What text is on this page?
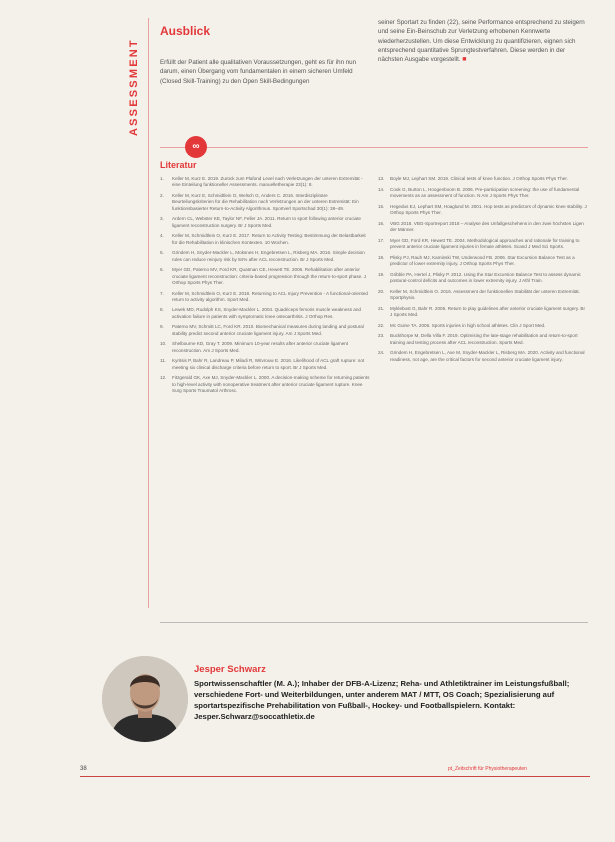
ASSESSMENT
Ausblick

Erfüllt der Patient alle qualitativen Voraussetzungen, geht es für ihn nun darum, einen Übergang vom fundamentalen in einem sicheren Umfeld (Closed Skill-Training) zu den Open Skill-Bedingungen

seiner Sportart zu finden (22), seine Performance entsprechend zu steigern und seine Ein-Beinschub zur Verletzung erhobenen Kennwerte wiederherzustellen. Um diese Entwicklung zu quantifizieren, eignen sich entsprechend quantitative Sprungtestverfahren. Diese werden in der nächsten Ausgabe vorgestellt. ■

∞
Literatur
1.	Keller M, Kurz E. 2019. Zurück zum Plafond Level nach Verletzungen der unteren Extremität - eine Einteilung funktioneller Assessments. manuelletherapie 23(1): 8.
2.	Keller M, Kurz E, Schmidtlein O, Welsch G, Anders C. 2016. Interdisziplinäre Beurteilungskriterien für die Rehabilitation nach Verletzungen an der unteren Extremität: Ein funktionsbasierter Return-to-Activity Algorithmus. Sportverl Sportschad 30(1): 38–49.
3.	Ardern CL, Webster KE, Taylor NF, Feller JA. 2011. Return to sport following anterior cruciate ligament reconstruction surgery. Br J Sports Med.
4.	Keller M, Schmidtlein O, Kurz E. 2017. Return to Activity Testing: Bestimmung der Belastbarkeit für die Rehabilitation in klinischen Kontexten. 10 Wochen.
5.	Grindem H, Snyder-Mackler L, Moksnes H, Engebretsen L, Risberg MA. 2016. Simple decision rules can reduce reinjury risk by 84% after ACL reconstruction. Br J Sports Med.
6.	Myer GD, Paterno MV, Ford KR, Quatman CE, Hewett TE. 2006. Rehabilitation after anterior cruciate ligament reconstruction: criteria-based progression through the return-to-sport phase. J Orthop Sports Phys Ther.
7.	Keller M, Schmidtlein O, Kurz E. 2018. Returning to ACL Injury Prevention - A functional-oriented return to activity algorithm. Sport Med.
8.	Lewek MD, Rudolph KS, Snyder-Mackler L. 2004. Quadriceps femoris muscle weakness and activation failure in patients with symptomatic knee osteoarthritis. J Orthop Res.
9.	Paterno MV, Schmitt LC, Ford KR. 2010. Biomechanical measures during landing and postural stability predict second anterior cruciate ligament injury. Am J Sports Med.
10.	Shelbourne KD, Gray T. 2009. Minimum 10-year results after anterior cruciate ligament reconstruction. Am J Sports Med.
11.	Kyritsis P, Bahr R, Landreau P, Miladi R, Witvrouw E. 2016. Likelihood of ACL graft rupture: not meeting six clinical discharge criteria before return to sport. Br J Sports Med.
12.	Fitzgerald GK, Axe MJ, Snyder-Mackler L. 2000. A decision-making scheme for returning patients to high-level activity with nonoperative treatment after anterior cruciate ligament rupture. Knee Surg Sports Traumatol Arthrosc.
13.	Boyle MJ, Lephart SM. 2019. Clinical tests of knee function. J Orthop Sports Phys Ther.
14.	Cook G, Burton L, Hoogenboom B. 2006. Pre-participation screening: the use of fundamental movements as an assessment of function. N Am J Sports Phys Ther.
15.	Hegedus EJ, Lephart SM, Hoaglund M. 2001. Hop tests as predictors of dynamic knee stability. J Orthop Sports Phys Ther.
16.	VBG 2018. VBG-Sportreport 2018 – Analyse des Unfallgeschehens in den zwei höchsten Ligen der Männer.
17.	Myer GD, Ford KR, Hewett TE. 2004. Methodological approaches and rationale for training to prevent anterior cruciate ligament injuries in female athletes. Scand J Med Sci Sports.
18.	Plisky PJ, Rauh MJ, Kaminski TW, Underwood FB. 2006. Star Excursion Balance Test as a predictor of lower extremity injury. J Orthop Sports Phys Ther.
19.	Gribble PA, Hertel J, Plisky P. 2012. Using the Star Excursion Balance Test to assess dynamic postural-control deficits and outcomes in lower extremity injury. J Athl Train.
20.	Keller M, Schmidtlein O. 2016. Assessment der funktionellen Stabilität der unteren Extremität. Sportphysio.
21.	Myklebust G, Bahr R. 2005. Return to play guidelines after anterior cruciate ligament surgery. Br J Sports Med.
22.	Mc Guine TA. 2006. Sports injuries in high school athletes. Clin J Sport Med.
23.	Buckthorpe M, Della Villa F. 2019. Optimising the late-stage rehabilitation and return-to-sport training and testing process after ACL reconstruction. Sports Med.
24.	Grindem H, Engebretsen L, Axe M, Snyder-Mackler L, Risberg MA. 2020. Activity and functional readiness, not age, are the critical factors for second anterior cruciate ligament injury.
Jesper Schwarz

Sportwissenschaftler (M. A.); Inhaber der DFB-A-Lizenz; Reha- und Athletiktrainer im Leistungsfußball; verschiedene Fort- und Weiterbildungen, unter anderem MAT / MTT, OS Coach; Spezialisierung auf sportartspezifische Prehabilitation von Fußball-, Hockey- und Footballspielern. Kontakt: Jesper.Schwarz@soccathletix.de

38	pt_Zeitschrift für Physiotherapeuten
